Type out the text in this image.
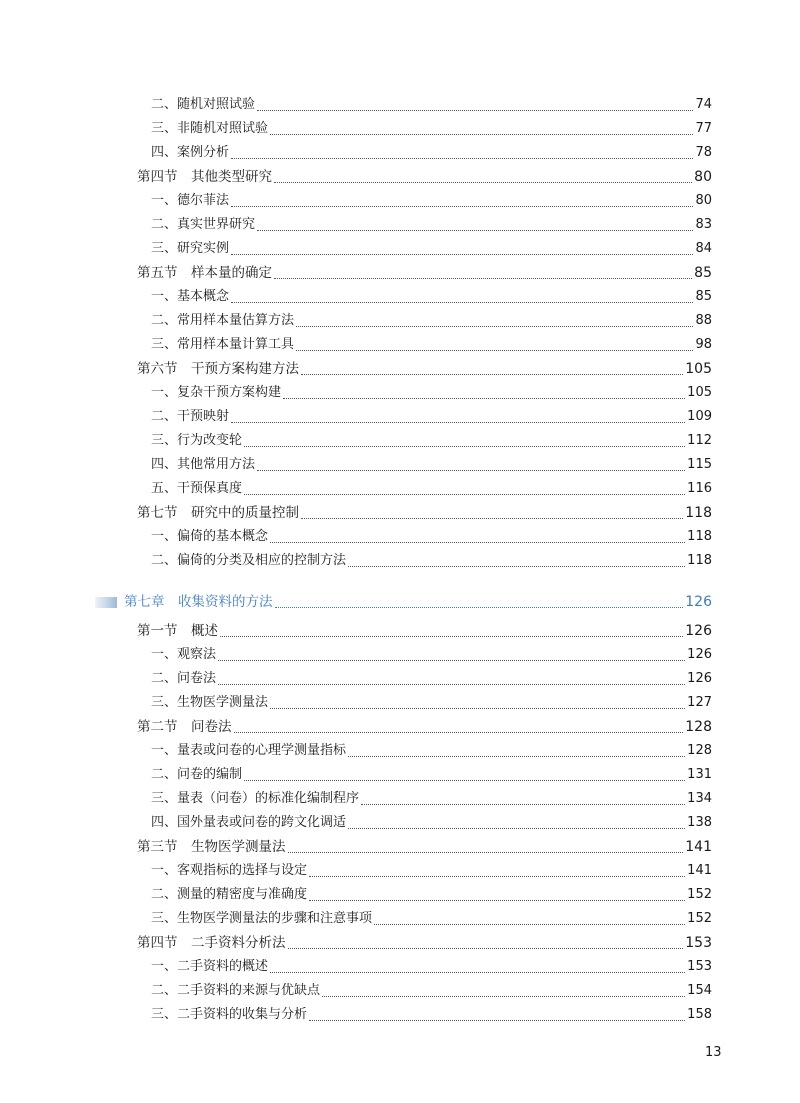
二、随机对照试验	74
三、非随机对照试验	77
四、案例分析	78
第四节　其他类型研究	80
一、德尔菲法	80
二、真实世界研究	83
三、研究实例	84
第五节　样本量的确定	85
一、基本概念	85
二、常用样本量估算方法	88
三、常用样本量计算工具	98
第六节　干预方案构建方法	105
一、复杂干预方案构建	105
二、干预映射	109
三、行为改变轮	112
四、其他常用方法	115
五、干预保真度	116
第七节　研究中的质量控制	118
一、偏倚的基本概念	118
二、偏倚的分类及相应的控制方法	118
第七章　收集资料的方法	126
第一节　概述	126
一、观察法	126
二、问卷法	126
三、生物医学测量法	127
第二节　问卷法	128
一、量表或问卷的心理学测量指标	128
二、问卷的编制	131
三、量表（问卷）的标准化编制程序	134
四、国外量表或问卷的跨文化调适	138
第三节　生物医学测量法	141
一、客观指标的选择与设定	141
二、测量的精密度与准确度	152
三、生物医学测量法的步骤和注意事项	152
第四节　二手资料分析法	153
一、二手资料的概述	153
二、二手资料的来源与优缺点	154
三、二手资料的收集与分析	158
13
